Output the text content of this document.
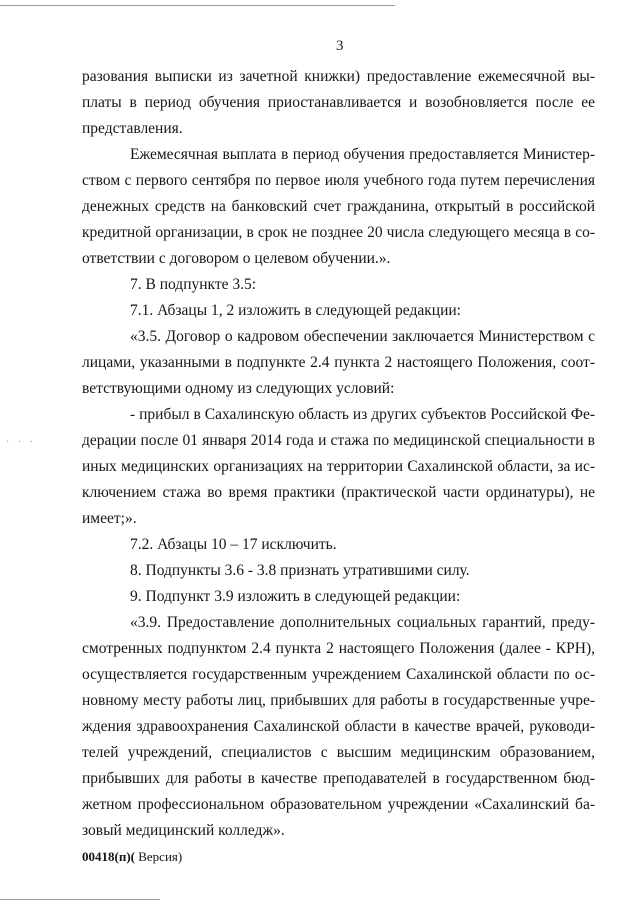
· · ·
3
разования выписки из зачетной книжки) предоставление ежемесячной вы-
платы в период обучения приостанавливается и возобновляется после ее
представления.
Ежемесячная выплата в период обучения предоставляется Министер-
ством с первого сентября по первое июля учебного года путем перечисления
денежных средств на банковский счет гражданина, открытый в российской
кредитной организации, в срок не позднее 20 числа следующего месяца в со-
ответствии с договором о целевом обучении.».
7. В подпункте 3.5:
7.1. Абзацы 1, 2 изложить в следующей редакции:
«3.5. Договор о кадровом обеспечении заключается Министерством с
лицами, указанными в подпункте 2.4 пункта 2 настоящего Положения, соот-
ветствующими одному из следующих условий:
- прибыл в Сахалинскую область из других субъектов Российской Фе-
дерации после 01 января 2014 года и стажа по медицинской специальности в
иных медицинских организациях на территории Сахалинской области, за ис-
ключением стажа во время практики (практической части ординатуры), не
имеет;».
7.2. Абзацы 10 – 17 исключить.
8. Подпункты 3.6 - 3.8 признать утратившими силу.
9. Подпункт 3.9 изложить в следующей редакции:
«3.9. Предоставление дополнительных социальных гарантий, преду-
смотренных подпунктом 2.4 пункта 2 настоящего Положения (далее - КРН),
осуществляется государственным учреждением Сахалинской области по ос-
новному месту работы лиц, прибывших для работы в государственные учре-
ждения здравоохранения Сахалинской области в качестве врачей, руководи-
телей учреждений, специалистов с высшим медицинским образованием,
прибывших для работы в качестве преподавателей в государственном бюд-
жетном профессиональном образовательном учреждении «Сахалинский ба-
зовый медицинский колледж».
00418(п)( Версия)
